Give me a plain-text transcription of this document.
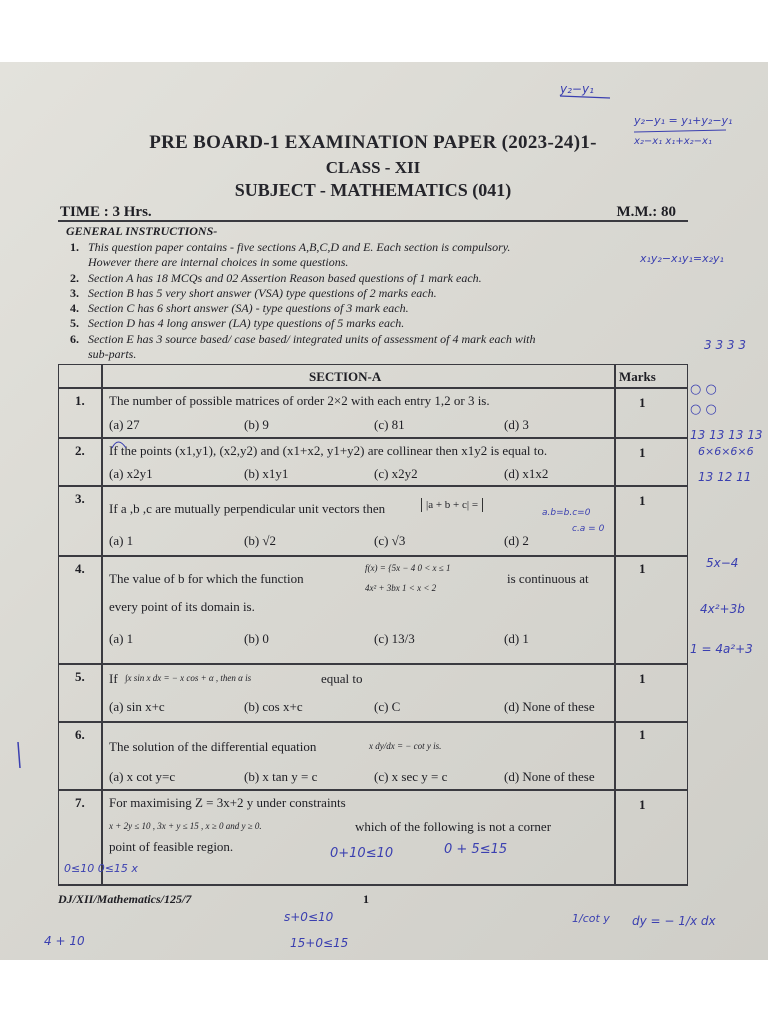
PRE BOARD-1 EXAMINATION PAPER (2023-24)1-
CLASS - XII
SUBJECT - MATHEMATICS (041)
TIME : 3 Hrs.	M.M.: 80
GENERAL INSTRUCTIONS-
1. This question paper contains - five sections A,B,C,D and E. Each section is compulsory.
However there are internal choices in some questions.
2. Section A has 18 MCQs and 02 Assertion Reason based questions of 1 mark each.
3. Section B has 5 very short answer (VSA) type questions of 2 marks each.
4. Section C has 6 short answer (SA) - type questions of 3 mark each.
5. Section D has 4 long answer (LA) type questions of 5 marks each.
6. Section E has 3 source based/ case based/ integrated units of assessment of 4 mark each with
sub-parts.
SECTION-A	Marks
1. The number of possible matrices of order 2×2 with each entry 1,2 or 3 is.
(a) 27	(b) 9	(c) 81	(d) 3
1
2. If the points (x1,y1), (x2,y2) and (x1+x2, y1+y2) are collinear then x1y2 is equal to.
(a) x2y1	(b) x1y1	(c) x2y2	(d) x1x2
1
3.
If a ,b ,c are mutually perpendicular unit vectors then	|a + b + c| =
(a) 1	(b) √2	(c) √3	(d) 2
1
4.
The value of b for which the function
f(x) = {5x − 4 0 < x ≤ 1
4x² + 3bx 1 < x < 2
is continuous at
every point of its domain is.
(a) 1	(b) 0	(c) 13/3	(d) 1
1
5. If ∫x sin x dx = − x cos + α , then α is	equal to
(a) sin x+c	(b) cos x+c	(c) C	(d) None of these
1
6.
The solution of the differential equation	x dy/dx = − cot y is.
(a) x cot y=c	(b) x tan y = c	(c) x sec y = c	(d) None of these
1
7. For maximising Z = 3x+2 y under constraints
x + 2y ≤ 10 , 3x + y ≤ 15 , x ≥ 0 and y ≥ 0.	which of the following is not a corner
point of feasible region.
1
DJ/XII/Mathematics/125/7	1
y₂−y₁
y₂−y₁ = y₁+y₂−y₁
x₂−x₁ x₁+x₂−x₁
x₁y₂−x₁y₁=x₂y₁
3 3 3 3
○ ○
○ ○
13 13 13 13
6×6×6×6
13 12 11
5x−4
4x²+3b
1 = 4a²+3
0+10≤10	0 + 5≤15
0≤10 0≤15 x
s+0≤10
15+0≤15
4 + 10
dy = − 1/x dx
1/cot y
a.b=b.c=0
c.a = 0
